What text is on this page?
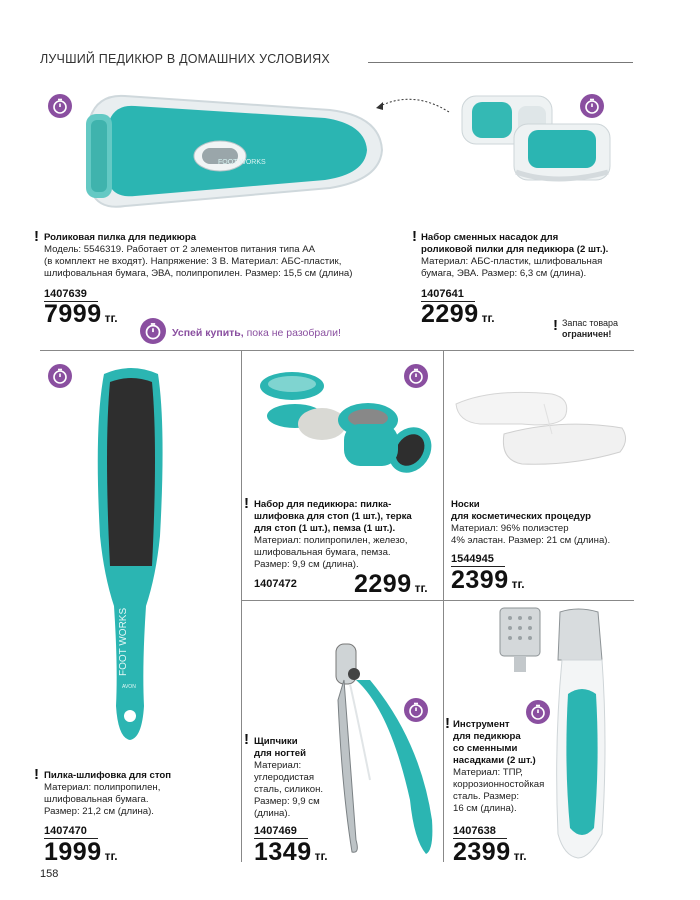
ЛУЧШИЙ ПЕДИКЮР В ДОМАШНИХ УСЛОВИЯХ
FOOT WORKS
! Роликовая пилка для педикюра
Модель: 5546319. Работает от 2 элементов питания типа АА
(в комплект не входят). Напряжение: 3 В. Материал: АБС-пластик,
шлифовальная бумага, ЭВА, полипропилен. Размер: 15,5 см (длина)
1407639
7999 тг.
Успей купить, пока не разобрали!
! Набор сменных насадок для
роликовой пилки для педикюра (2 шт.).
Материал: АБС-пластик, шлифовальная
бумага, ЭВА. Размер: 6,3 см (длина).
1407641
2299 тг.	! Запас товара
ограничен!
FOOT WORKS
AVON
! Пилка-шлифовка для стоп
Материал: полипропилен,
шлифовальная бумага.
Размер: 21,2 см (длина).
1407470
1999 тг.
! Набор для педикюра: пилка-
шлифовка для стоп (1 шт.), терка
для стоп (1 шт.), пемза (1 шт.).
Материал: полипропилен, железо,
шлифовальная бумага, пемза.
Размер: 9,9 см (длина).
1407472 2299 тг.
Носки
для косметических процедур
Материал: 96% полиэстер
4% эластан. Размер: 21 см (длина).
1544945
2399 тг.
! Щипчики
для ногтей
Материал:
углеродистая
сталь, силикон.
Размер: 9,9 см
(длина).
1407469
1349 тг.
! Инструмент
для педикюра
со сменными
насадками (2 шт.)
Материал: ТПР,
коррозионностойкая
сталь. Размер:
16 см (длина).
1407638
2399 тг.
158
